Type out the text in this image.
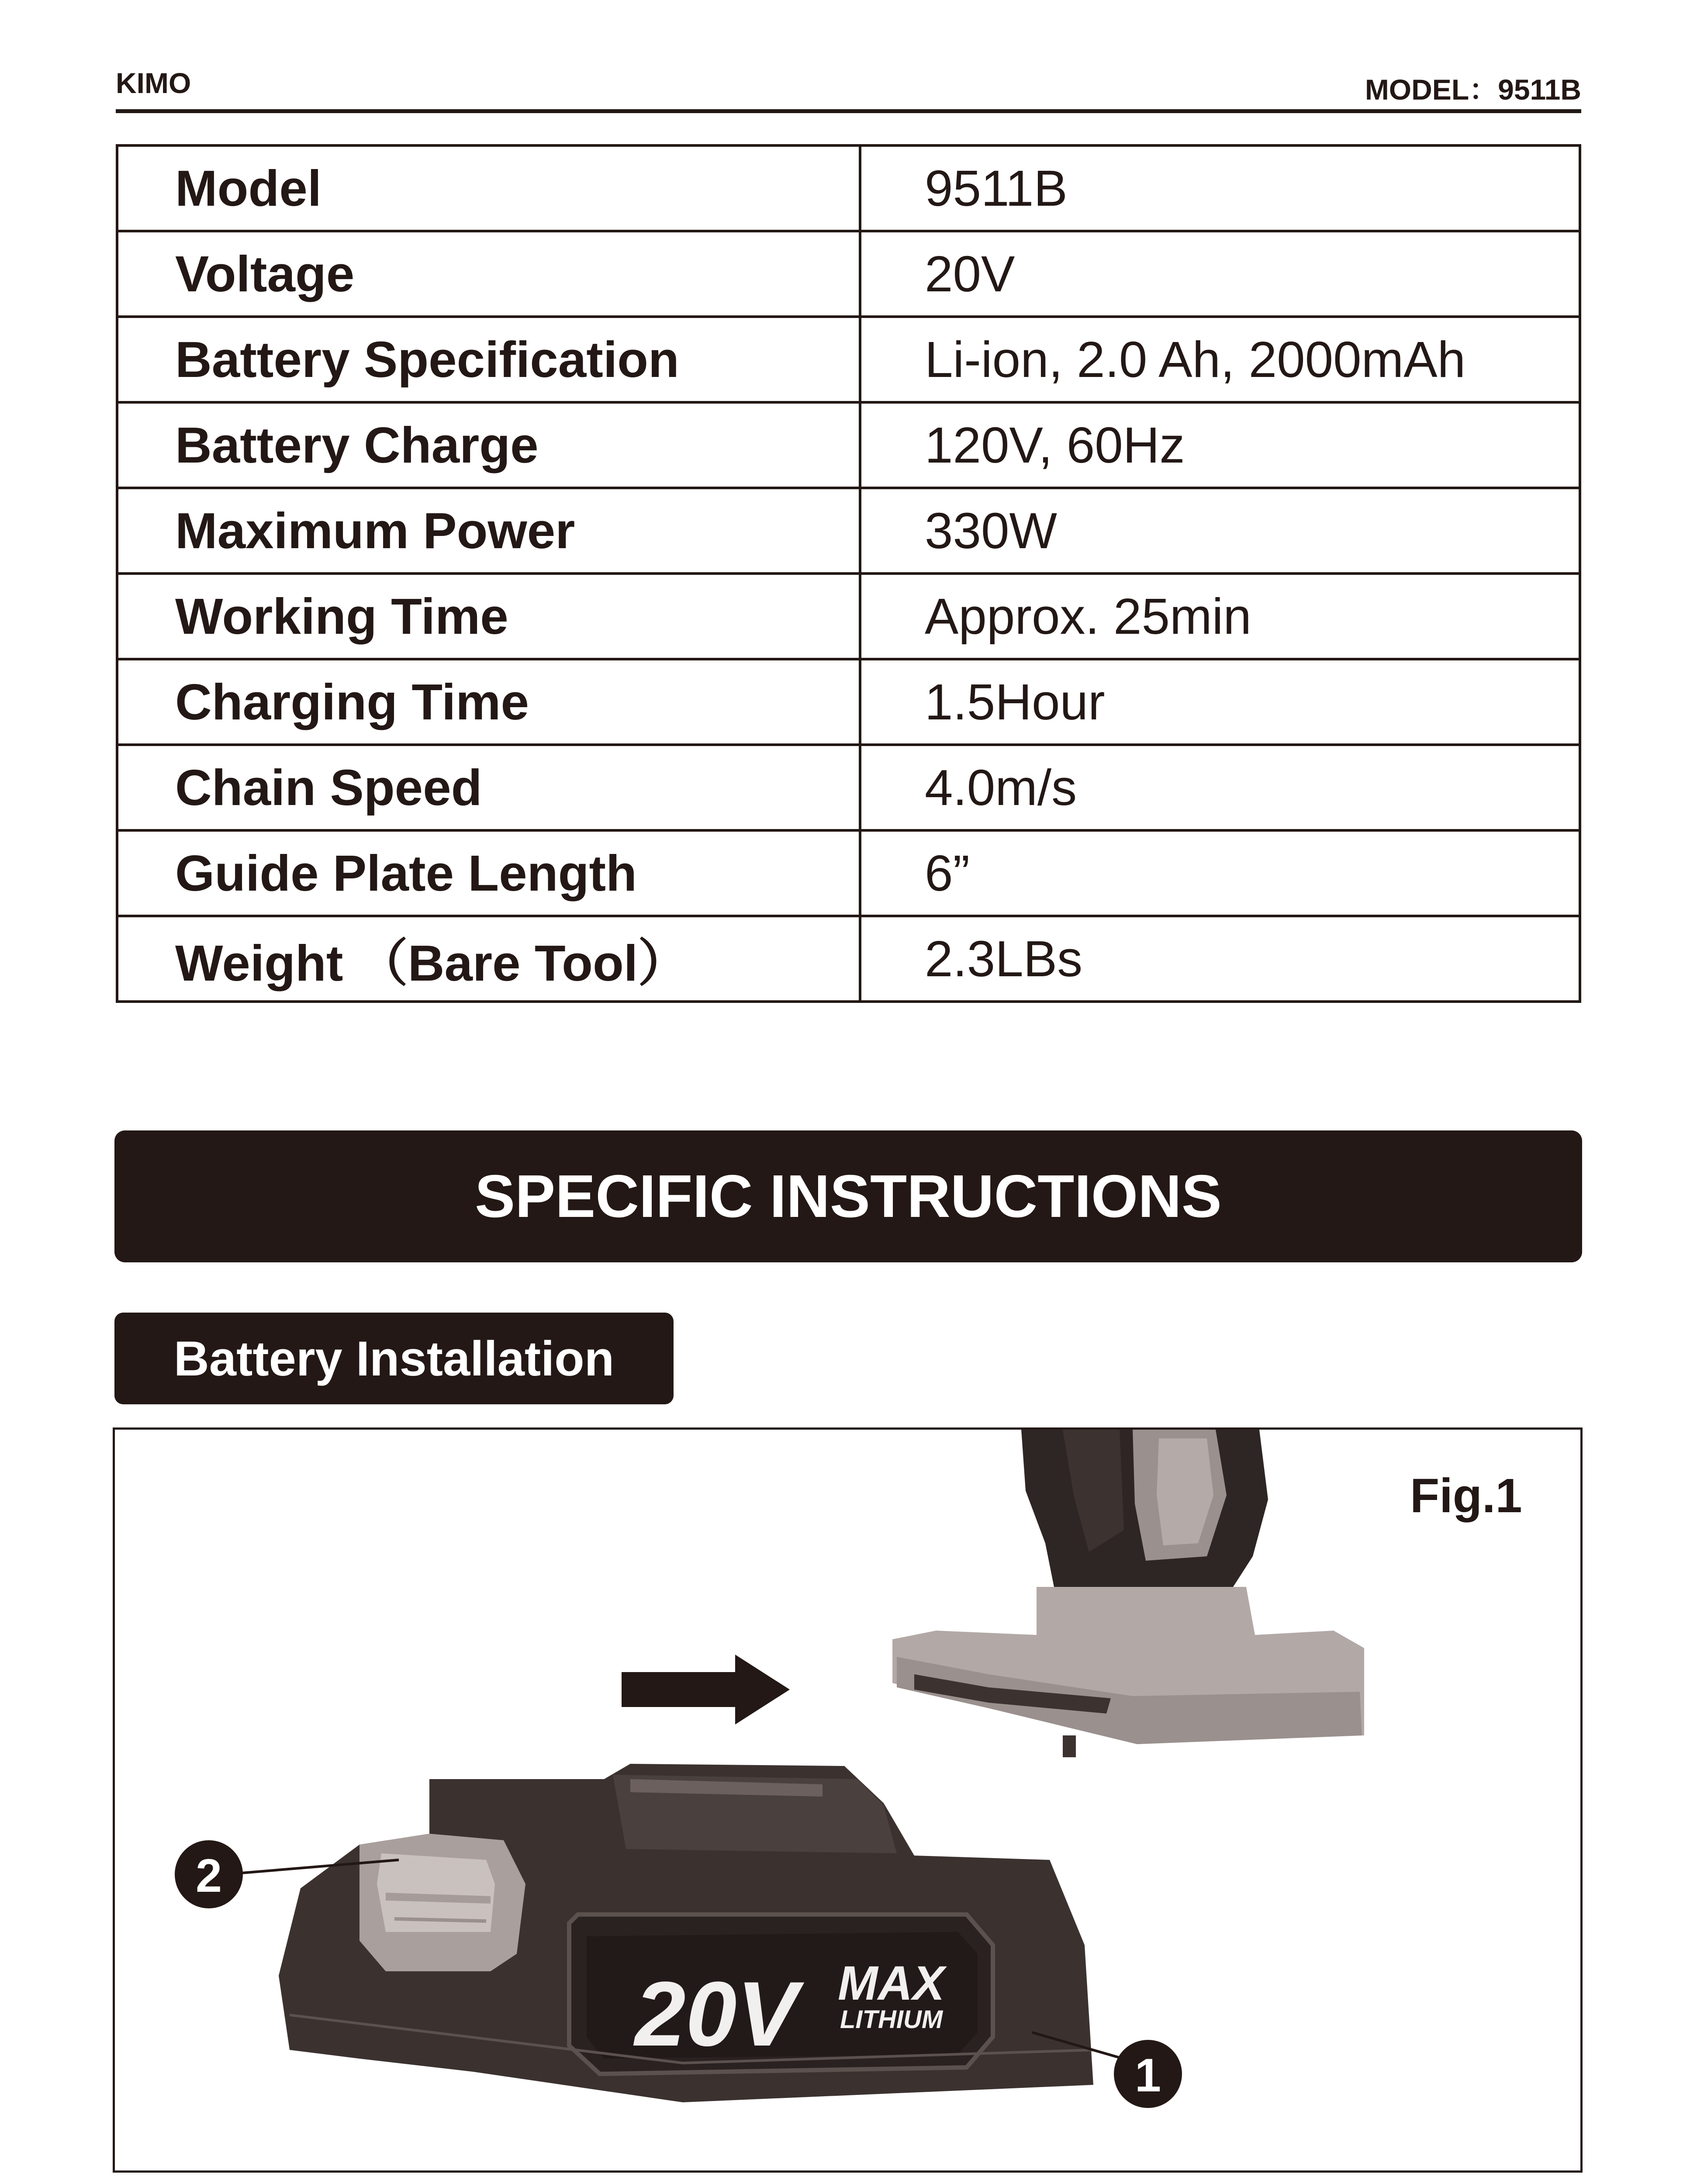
KIMO	MODEL：9511B
Model	9511B
Voltage	20V
Battery Specification	Li-ion, 2.0 Ah, 2000mAh
Battery Charge	120V, 60Hz
Maximum Power	330W
Working Time	Approx. 25min
Charging Time	1.5Hour
Chain Speed	4.0m/s
Guide Plate Length	6”
Weight （Bare Tool）	2.3LBs
SPECIFIC INSTRUCTIONS
Battery Installation
20V MAX
LITHIUM
2
1
Fig.1
